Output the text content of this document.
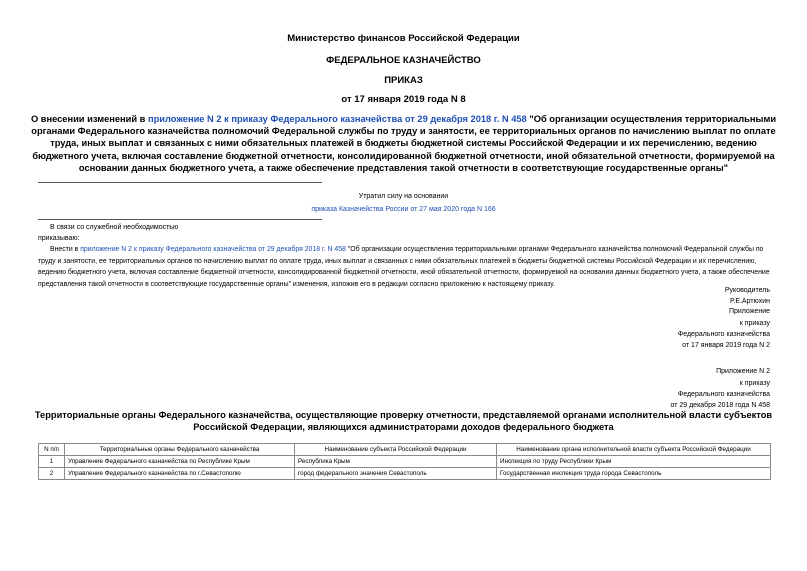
Министерство финансов Российской Федерации
ФЕДЕРАЛЬНОЕ КАЗНАЧЕЙСТВО
ПРИКАЗ
от 17 января 2019 года N 8
О внесении изменений в приложение N 2 к приказу Федерального казначейства от 29 декабря 2018 г. N 458 "Об организации осуществления территориальными органами Федерального казначейства полномочий Федеральной службы по труду и занятости, ее территориальных органов по начислению выплат по оплате труда, иных выплат и связанных с ними обязательных платежей в бюджеты бюджетной системы Российской Федерации и их перечислению, ведению бюджетного учета, включая составление бюджетной отчетности, консолидированной бюджетной отчетности, иной обязательной отчетности, формируемой на основании данных бюджетного учета, а также обеспечение представления такой отчетности в соответствующие государственные органы"
Утратил силу на основании
приказа Казначейства России от 27 мая 2020 года N 166
В связи со служебной необходимостью
приказываю:
Внести в приложение N 2 к приказу Федерального казначейства от 29 декабря 2018 г. N 458 "Об организации осуществления территориальными органами Федерального казначейства полномочий Федеральной службы по труду и занятости, ее территориальных органов по начислению выплат по оплате труда, иных выплат и связанных с ними обязательных платежей в бюджеты бюджетной системы Российской Федерации и их перечислению, ведению бюджетного учета, включая составление бюджетной отчетности, консолидированной бюджетной отчетности, иной обязательной отчетности, формируемой на основании данных бюджетного учета, а также обеспечение представления такой отчетности в соответствующие государственные органы" изменения, изложив его в редакции согласно приложению к настоящему приказу.
Руководитель
Р.Е.Артюхин
Приложение
к приказу
Федерального казначейства
от 17 января 2019 года N 2
Приложение N 2
к приказу
Федерального казначейства
от 29 декабря 2018 года N 458
Территориальные органы Федерального казначейства, осуществляющие проверку отчетности, представляемой органами исполнительной власти субъектов Российской Федерации, являющихся администраторами доходов федерального бюджета
N п/п	Территориальные органы Федерального казначейства	Наименование субъекта Российской Федерации	Наименование органа исполнительной власти субъекта Российской Федерации
1	Управление Федерального казначейства по Республике Крым	Республика Крым	Инспекция по труду Республики Крым
2	Управление Федерального казначейства по г.Севастополю	город федерального значения Севастополь	Государственная инспекция труда города Севастополь
